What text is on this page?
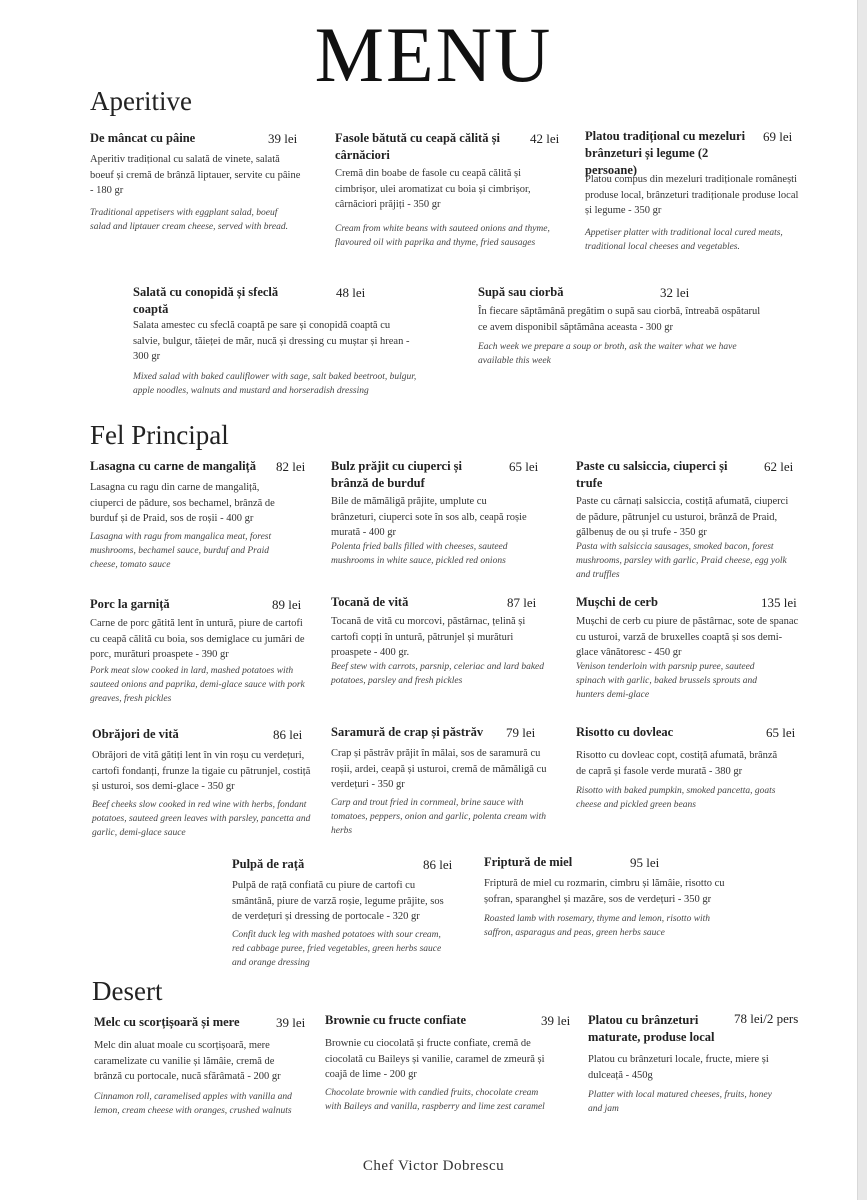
MENU
Aperitive
De mâncat cu pâine	39 lei
Aperitiv tradițional cu salată de vinete, salată boeuf și cremă de brânză liptauer, servite cu pâine - 180 gr
Traditional appetisers with eggplant salad, boeuf salad and liptauer cream cheese, served with bread.
Fasole bătută cu ceapă călită și cârnăciori
42 lei
Cremă din boabe de fasole cu ceapă călită și cimbrișor, ulei aromatizat cu boia și cimbrișor, cârnăciori prăjiți - 350 gr
Cream from white beans with sauteed onions and thyme, flavoured oil with paprika and thyme, fried sausages
Platou tradițional cu mezeluri brânzeturi și legume (2 persoane)
69 lei
Platou compus din mezeluri tradiționale românești produse local, brânzeturi tradiționale produse local și legume - 350 gr
Appetiser platter with traditional local cured meats, traditional local cheeses and vegetables.
Salată cu conopidă și sfeclă coaptă
48 lei
Salata amestec cu sfeclă coaptă pe sare și conopidă coaptă cu salvie, bulgur, tăieței de măr, nucă și dressing cu muștar și hrean - 300 gr
Mixed salad with baked cauliflower with sage, salt baked beetroot, bulgur, apple noodles, walnuts and mustard and horseradish dressing
Supă sau ciorbă	32 lei
În fiecare săptămână pregătim o supă sau ciorbă, întreabă ospătarul ce avem disponibil săptămâna aceasta - 300 gr
Each week we prepare a soup or broth, ask the waiter what we have available this week
Fel Principal
Lasagna cu carne de mangaliță	82 lei
Lasagna cu ragu din carne de mangaliță, ciuperci de pădure, sos bechamel, brânză de burduf și de Praid, sos de roșii - 400 gr
Lasagna with ragu from mangalica meat, forest mushrooms, bechamel sauce, burduf and Praid cheese, tomato sauce
Bulz prăjit cu ciuperci și brânză de burduf
65 lei
Bile de mămăligă prăjite, umplute cu brânzeturi, ciuperci sote în sos alb, ceapă roșie murată - 400 gr
Polenta fried balls filled with cheeses, sauteed mushrooms in white sauce, pickled red onions
Paste cu salsiccia, ciuperci și trufe
62 lei
Paste cu cârnați salsiccia, costiță afumată, ciuperci de pădure, pătrunjel cu usturoi, brânză de Praid, gălbenuș de ou și trufe - 350 gr
Pasta with salsiccia sausages, smoked bacon, forest mushrooms, parsley with garlic, Praid cheese, egg yolk and truffles
Porc la garniță	89 lei
Carne de porc gătită lent în untură, piure de cartofi cu ceapă călită cu boia, sos demiglace cu jumări de porc, murături proaspete - 390 gr
Pork meat slow cooked in lard, mashed potatoes with sauteed onions and paprika, demi-glace sauce with pork greaves, fresh pickles
Tocană de vită	87 lei
Tocană de vită cu morcovi, păstârnac, țelină și cartofi copți în untură, pătrunjel și murături proaspete - 400 gr.
Beef stew with carrots, parsnip, celeriac and lard baked potatoes, parsley and fresh pickles
Mușchi de cerb	135 lei
Mușchi de cerb cu piure de păstârnac, sote de spanac cu usturoi, varză de bruxelles coaptă și sos demi-glace vânătoresc - 450 gr
Venison tenderloin with parsnip puree, sauteed spinach with garlic, baked brussels sprouts and hunters demi-glace
Obrăjori de vită	86 lei
Obrăjori de vită gătiți lent în vin roșu cu verdețuri, cartofi fondanți, frunze la tigaie cu pătrunjel, costiță și usturoi, sos demi-glace - 350 gr
Beef cheeks slow cooked in red wine with herbs, fondant potatoes, sauteed green leaves with parsley, pancetta and garlic, demi-glace sauce
Saramură de crap și păstrăv	79 lei
Crap și păstrăv prăjit în mălai, sos de saramură cu roșii, ardei, ceapă și usturoi, cremă de mămăligă cu verdețuri - 350 gr
Carp and trout fried in cornmeal, brine sauce with tomatoes, peppers, onion and garlic, polenta cream with herbs
Risotto cu dovleac	65 lei
Risotto cu dovleac copt, costiță afumată, brânză de capră și fasole verde murată - 380 gr
Risotto with baked pumpkin, smoked pancetta, goats cheese and pickled green beans
Pulpă de rață	86 lei
Pulpă de rață confiată cu piure de cartofi cu smântână, piure de varză roșie, legume prăjite, sos de verdețuri și dressing de portocale - 320 gr
Confit duck leg with mashed potatoes with sour cream, red cabbage puree, fried vegetables, green herbs sauce and orange dressing
Friptură de miel	95 lei
Friptură de miel cu rozmarin, cimbru și lămâie, risotto cu șofran, sparanghel și mazăre, sos de verdețuri - 350 gr
Roasted lamb with rosemary, thyme and lemon, risotto with saffron, asparagus and peas, green herbs sauce
Desert
Melc cu scorțișoară și mere	39 lei
Melc din aluat moale cu scorțișoară, mere caramelizate cu vanilie și lămâie, cremă de brânză cu portocale, nucă sfărâmată - 200 gr
Cinnamon roll, caramelised apples with vanilla and lemon, cream cheese with oranges, crushed walnuts
Brownie cu fructe confiate	39 lei
Brownie cu ciocolată și fructe confiate, cremă de ciocolată cu Baileys și vanilie, caramel de zmeură și coajă de lime - 200 gr
Chocolate brownie with candied fruits, chocolate cream with Baileys and vanilla, raspberry and lime zest caramel
Platou cu brânzeturi maturate, produse local
78 lei/2 pers
Platou cu brânzeturi locale, fructe, miere și dulceață - 450g
Platter with local matured cheeses, fruits, honey and jam
Chef Victor Dobrescu
